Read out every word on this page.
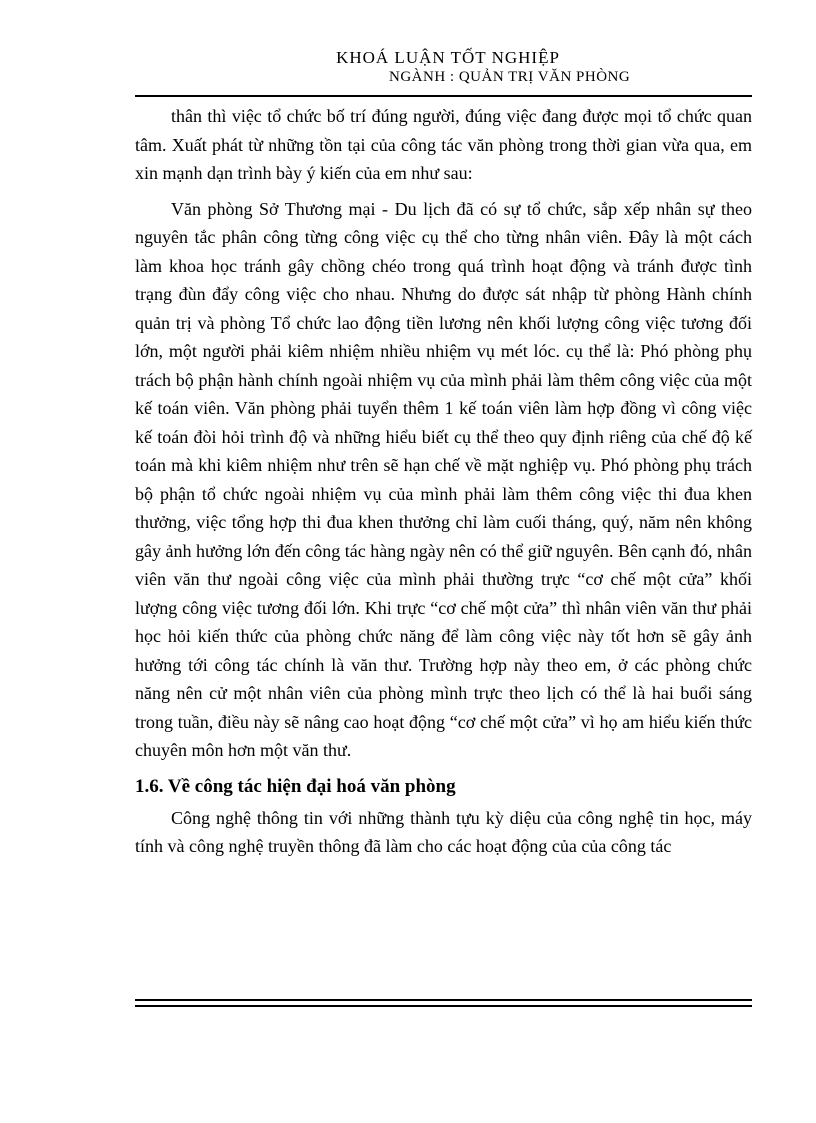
KHOÁ LUẬN TỐT NGHIỆP
NGÀNH : QUẢN TRỊ VĂN PHÒNG

thân thì việc tổ chức bố trí đúng người, đúng việc đang được mọi tổ chức quan tâm. Xuất phát từ những tồn tại của công tác văn phòng trong thời gian vừa qua, em xin mạnh dạn trình bày ý kiến của em như sau:

Văn phòng Sở Thương mại - Du lịch đã có sự tổ chức, sắp xếp nhân sự theo nguyên tắc phân công từng công việc cụ thể cho từng nhân viên. Đây là một cách làm khoa học tránh gây chồng chéo trong quá trình hoạt động và tránh được tình trạng đùn đẩy công việc cho nhau. Nhưng do được sát nhập từ phòng Hành chính quản trị và phòng Tổ chức lao động tiền lương nên khối lượng công việc tương đối lớn, một người phải kiêm nhiệm nhiều nhiệm vụ mét lóc. cụ thể là: Phó phòng phụ trách bộ phận hành chính ngoài nhiệm vụ của mình phải làm thêm công việc của một kế toán viên. Văn phòng phải tuyển thêm 1 kế toán viên làm hợp đồng vì công việc kế toán đòi hỏi trình độ và những hiểu biết cụ thể theo quy định riêng của chế độ kế toán mà khi kiêm nhiệm như trên sẽ hạn chế về mặt nghiệp vụ. Phó phòng phụ trách bộ phận tổ chức ngoài nhiệm vụ của mình phải làm thêm công việc thi đua khen thưởng, việc tổng hợp thi đua khen thưởng chỉ làm cuối tháng, quý, năm nên không gây ảnh hưởng lớn đến công tác hàng ngày nên có thể giữ nguyên. Bên cạnh đó, nhân viên văn thư ngoài công việc của mình phải thường trực “cơ chế một cửa” khối lượng công việc tương đối lớn. Khi trực “cơ chế một cửa” thì nhân viên văn thư phải học hỏi kiến thức của phòng chức năng để làm công việc này tốt hơn sẽ gây ảnh hưởng tới công tác chính là văn thư. Trường hợp này theo em, ở các phòng chức năng nên cử một nhân viên của phòng mình trực theo lịch có thể là hai buổi sáng trong tuần, điều này sẽ nâng cao hoạt động “cơ chế một cửa” vì họ am hiểu kiến thức chuyên môn hơn một văn thư.

1.6. Về công tác hiện đại hoá văn phòng

Công nghệ thông tin với những thành tựu kỳ diệu của công nghệ tin học, máy tính và công nghệ truyền thông đã làm cho các hoạt động của của công tác
